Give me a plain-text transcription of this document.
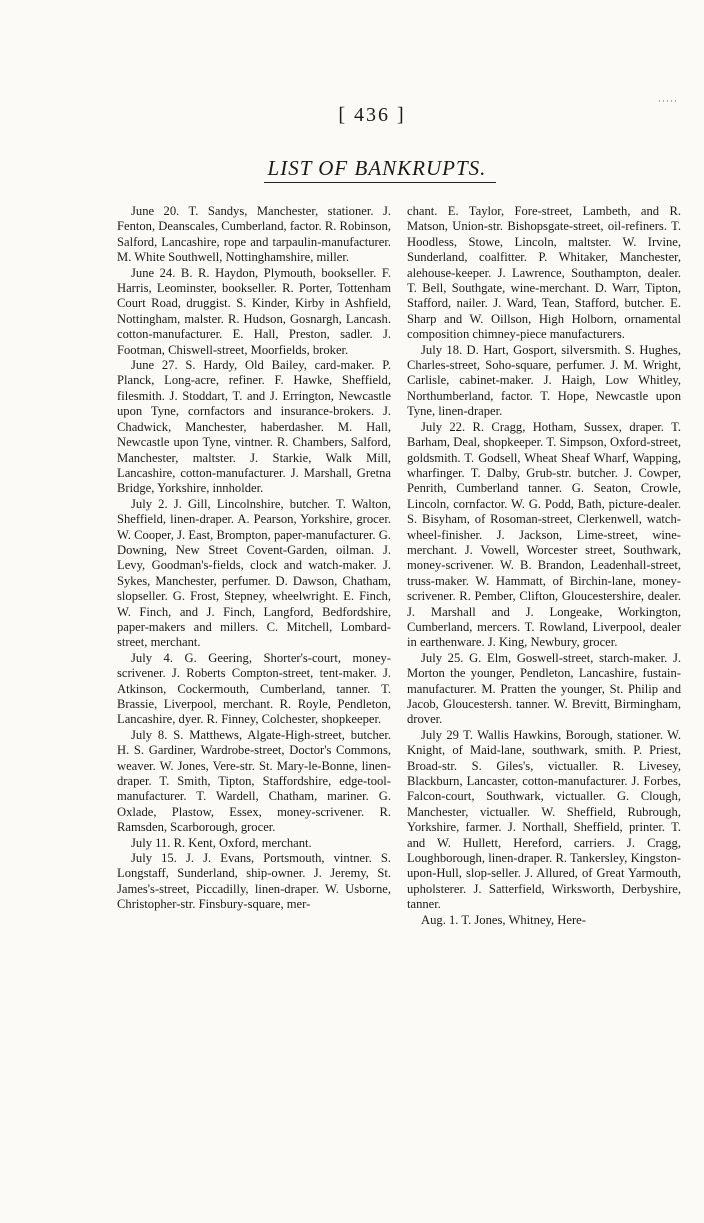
·····
[ 436 ]
LIST OF BANKRUPTS.

June 20. T. Sandys, Manchester, stationer. J. Fenton, Deanscales, Cumberland, factor. R. Robinson, Salford, Lancashire, rope and tarpaulin-manufacturer. M. White Southwell, Nottinghamshire, miller.

June 24. B. R. Haydon, Plymouth, bookseller. F. Harris, Leominster, bookseller. R. Porter, Tottenham Court Road, druggist. S. Kinder, Kirby in Ashfield, Nottingham, malster. R. Hudson, Gosnargh, Lancash. cotton-manufacturer. E. Hall, Preston, sadler. J. Footman, Chiswell-street, Moorfields, broker.

June 27. S. Hardy, Old Bailey, card-maker. P. Planck, Long-acre, refiner. F. Hawke, Sheffield, filesmith. J. Stoddart, T. and J. Errington, Newcastle upon Tyne, cornfactors and insurance-brokers. J. Chadwick, Manchester, haberdasher. M. Hall, Newcastle upon Tyne, vintner. R. Chambers, Salford, Manchester, maltster. J. Starkie, Walk Mill, Lancashire, cotton-manufacturer. J. Marshall, Gretna Bridge, Yorkshire, innholder.

July 2. J. Gill, Lincolnshire, butcher. T. Walton, Sheffield, linen-draper. A. Pearson, Yorkshire, grocer. W. Cooper, J. East, Brompton, paper-manufacturer. G. Downing, New Street Covent-Garden, oilman. J. Levy, Goodman's-fields, clock and watch-maker. J. Sykes, Manchester, perfumer. D. Dawson, Chatham, slopseller. G. Frost, Stepney, wheelwright. E. Finch, W. Finch, and J. Finch, Langford, Bedfordshire, paper-makers and millers. C. Mitchell, Lombard-street, merchant.

July 4. G. Geering, Shorter's-court, money-scrivener. J. Roberts Compton-street, tent-maker. J. Atkinson, Cockermouth, Cumberland, tanner. T. Brassie, Liverpool, merchant. R. Royle, Pendleton, Lancashire, dyer. R. Finney, Colchester, shopkeeper.

July 8. S. Matthews, Algate-High-street, butcher. H. S. Gardiner, Wardrobe-street, Doctor's Commons, weaver. W. Jones, Vere-str. St. Mary-le-Bonne, linen-draper. T. Smith, Tipton, Staffordshire, edge-tool-manufacturer. T. Wardell, Chatham, mariner. G. Oxlade, Plastow, Essex, money-scrivener. R. Ramsden, Scarborough, grocer.

July 11. R. Kent, Oxford, merchant.

July 15. J. J. Evans, Portsmouth, vintner. S. Longstaff, Sunderland, ship-owner. J. Jeremy, St. James's-street, Piccadilly, linen-draper. W. Usborne, Christopher-str. Finsbury-square, mer-

chant. E. Taylor, Fore-street, Lambeth, and R. Matson, Union-str. Bishopsgate-street, oil-refiners. T. Hoodless, Stowe, Lincoln, maltster. W. Irvine, Sunderland, coalfitter. P. Whitaker, Manchester, alehouse-keeper. J. Lawrence, Southampton, dealer. T. Bell, Southgate, wine-merchant. D. Warr, Tipton, Stafford, nailer. J. Ward, Tean, Stafford, butcher. E. Sharp and W. Oillson, High Holborn, ornamental composition chimney-piece manufacturers.

July 18. D. Hart, Gosport, silversmith. S. Hughes, Charles-street, Soho-square, perfumer. J. M. Wright, Carlisle, cabinet-maker. J. Haigh, Low Whitley, Northumberland, factor. T. Hope, Newcastle upon Tyne, linen-draper.

July 22. R. Cragg, Hotham, Sussex, draper. T. Barham, Deal, shopkeeper. T. Simpson, Oxford-street, goldsmith. T. Godsell, Wheat Sheaf Wharf, Wapping, wharfinger. T. Dalby, Grub-str. butcher. J. Cowper, Penrith, Cumberland tanner. G. Seaton, Crowle, Lincoln, cornfactor. W. G. Podd, Bath, picture-dealer. S. Bisyham, of Rosoman-street, Clerkenwell, watch-wheel-finisher. J. Jackson, Lime-street, wine-merchant. J. Vowell, Worcester street, Southwark, money-scrivener. W. B. Brandon, Leadenhall-street, truss-maker. W. Hammatt, of Birchin-lane, money-scrivener. R. Pember, Clifton, Gloucestershire, dealer. J. Marshall and J. Longeake, Workington, Cumberland, mercers. T. Rowland, Liverpool, dealer in earthenware. J. King, Newbury, grocer.

July 25. G. Elm, Goswell-street, starch-maker. J. Morton the younger, Pendleton, Lancashire, fustain-manufacturer. M. Pratten the younger, St. Philip and Jacob, Gloucestersh. tanner. W. Brevitt, Birmingham, drover.

July 29 T. Wallis Hawkins, Borough, stationer. W. Knight, of Maid-lane, southwark, smith. P. Priest, Broad-str. S. Giles's, victualler. R. Livesey, Blackburn, Lancaster, cotton-manufacturer. J. Forbes, Falcon-court, Southwark, victualler. G. Clough, Manchester, victualler. W. Sheffield, Rubrough, Yorkshire, farmer. J. Northall, Sheffield, printer. T. and W. Hullett, Hereford, carriers. J. Cragg, Loughborough, linen-draper. R. Tankersley, Kingston-upon-Hull, slop-seller. J. Allured, of Great Yarmouth, upholsterer. J. Satterfield, Wirksworth, Derbyshire, tanner.

Aug. 1. T. Jones, Whitney, Here-
